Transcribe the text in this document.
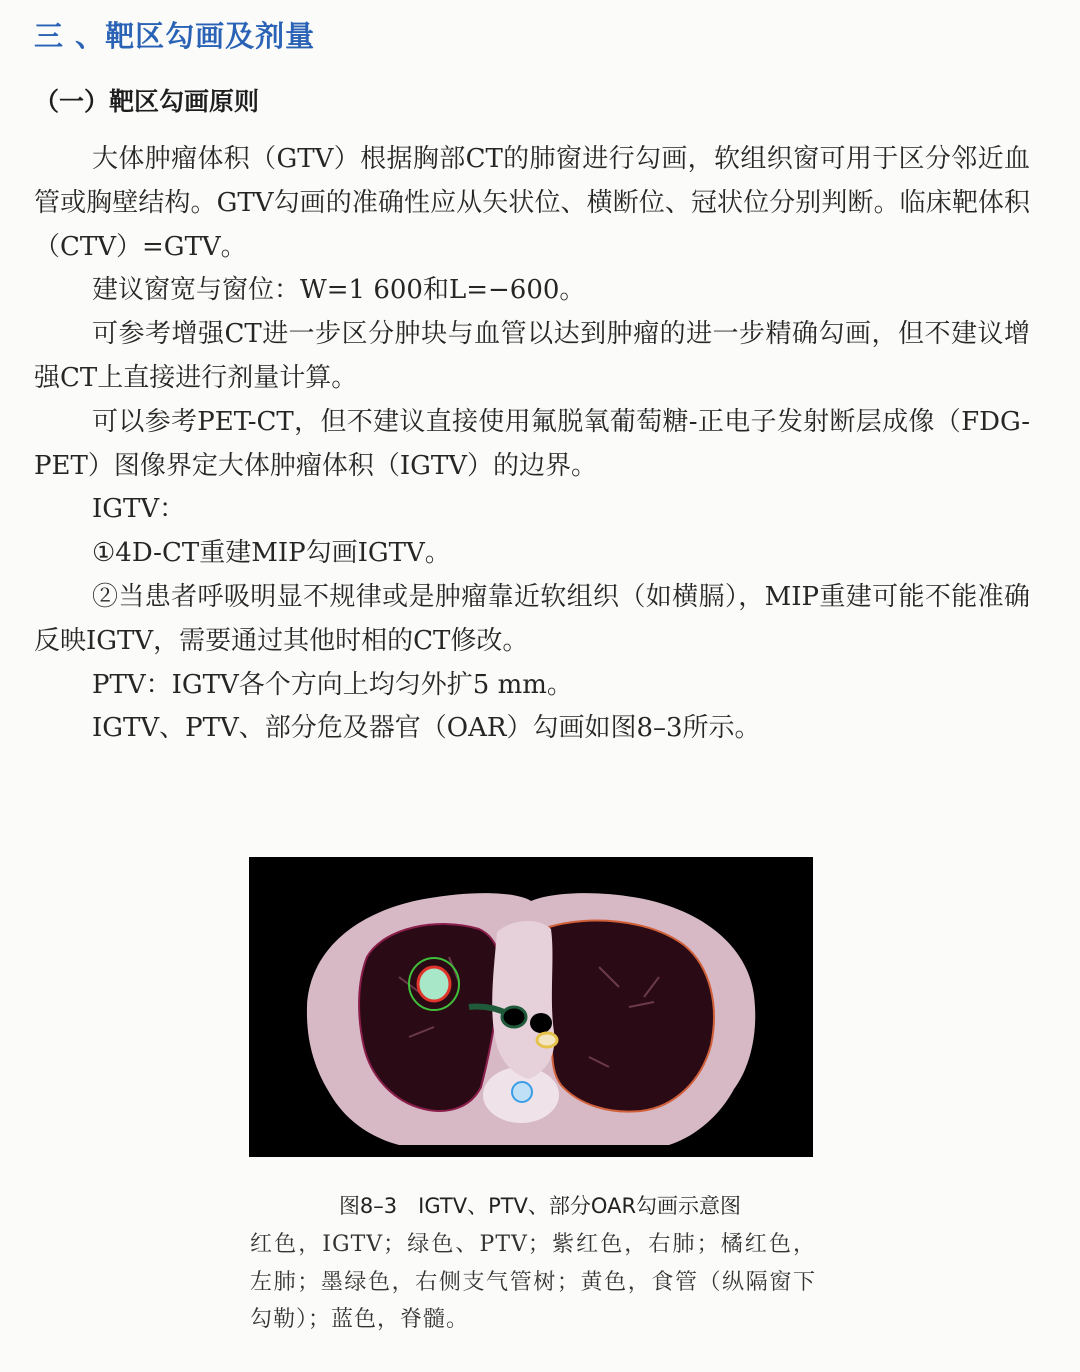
三 、靶区勾画及剂量
（一）靶区勾画原则

大体肿瘤体积（GTV）根据胸部CT的肺窗进行勾画，软组织窗可用于区分邻近血管或胸壁结构。GTV勾画的准确性应从矢状位、横断位、冠状位分别判断。临床靶体积（CTV）=GTV。

建议窗宽与窗位：W=1 600和L=−600。

可参考增强CT进一步区分肿块与血管以达到肿瘤的进一步精确勾画，但不建议增强CT上直接进行剂量计算。

可以参考PET-CT，但不建议直接使用氟脱氧葡萄糖-正电子发射断层成像（FDG-PET）图像界定大体肿瘤体积（IGTV）的边界。

IGTV：

①4D-CT重建MIP勾画IGTV。

②当患者呼吸明显不规律或是肿瘤靠近软组织（如横膈），MIP重建可能不能准确反映IGTV，需要通过其他时相的CT修改。

PTV：IGTV各个方向上均匀外扩5 mm。

IGTV、PTV、部分危及器官（OAR）勾画如图8–3所示。

图8–3　IGTV、PTV、部分OAR勾画示意图
红色，IGTV；绿色、PTV；紫红色，右肺；橘红色，左肺；墨绿色，右侧支气管树；黄色，食管（纵隔窗下勾勒）；蓝色，脊髓。
